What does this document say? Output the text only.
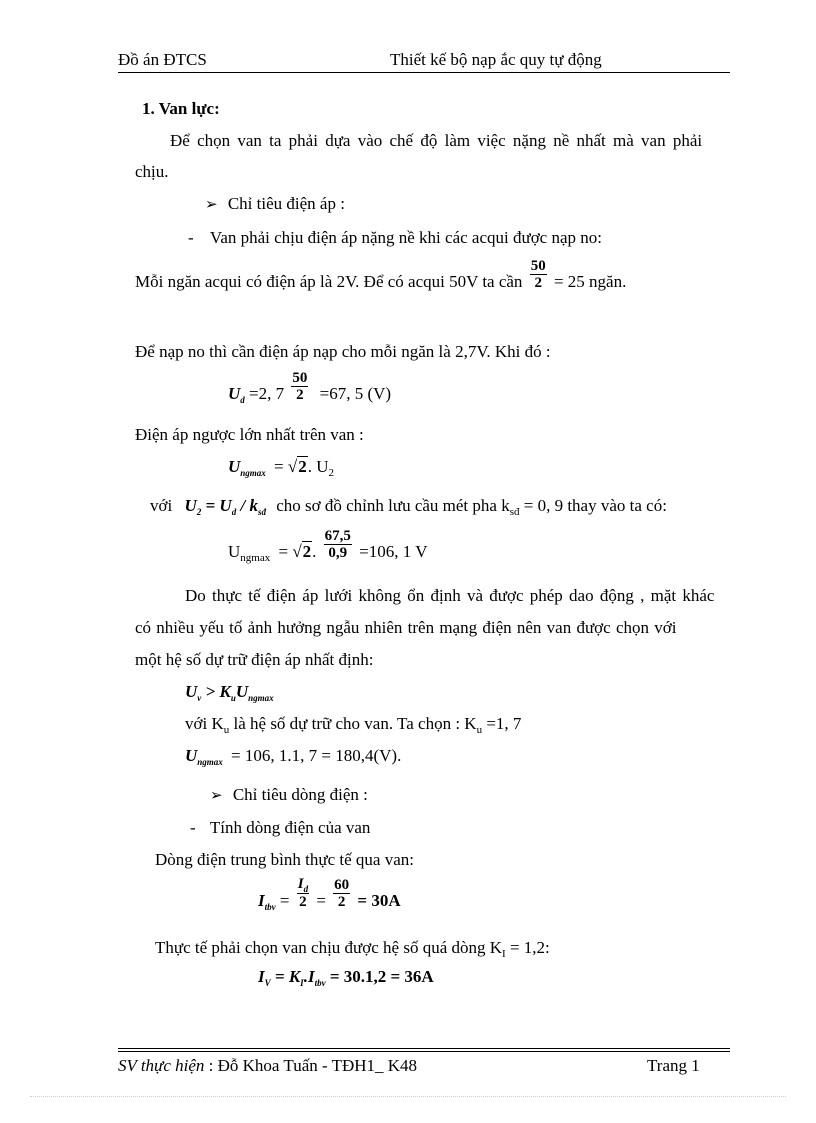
Đồ án ĐTCS	Thiết kế bộ nạp ắc quy tự động
1. Van lực:
Để chọn van ta phải dựa vào chế độ làm việc nặng nề nhất mà van phải
chịu.
➢ Chỉ tiêu điện áp :
- Van phải chịu điện áp nặng nề khi các acqui được nạp no:
Mỗi ngăn acqui có điện áp là 2V. Để có acqui 50V ta cần $\frac{50}{2} = 25$ ngăn.
Để nạp no thì cần điện áp nạp cho mỗi ngăn là 2,7V. Khi đó :
$U_d =2$, $7 \frac{50}{2} =67$, 5 (V)
Điện áp ngược lớn nhất trên van :
$U_{ngmax} = √2$. $U_2$
với $U_2 = U_d / k_{sđ}$ cho sơ đồ chỉnh lưu cầu mét pha $k_{sđ} = 0$, 9 thay vào ta có:
$U_{ngmax} = √2$. $\frac{67,5}{0,9} =106$, 1 V
Do thực tế điện áp lưới không ổn định và được phép dao động , mặt khác
có nhiều yếu tố ảnh hưởng ngẫu nhiên trên mạng điện nên van được chọn với
một hệ số dự trữ điện áp nhất định:
$U_v > K_uU_{ngmax}$
với $K_u$ là hệ số dự trữ cho van. Ta chọn : $K_u =1$, 7
$U_{ngmax} = 106$, 1.1, 7 = 180,4(V).
➢ Chỉ tiêu dòng điện :
- Tính dòng điện của van
Dòng điện trung bình thực tế qua van:
$I_{tbv} = \frac{I_d}{2} = \frac{60}{2} = 30A$
Thực tế phải chọn van chịu được hệ số quá dòng $K_I = 1,2$:
$I_V = K_I.I_{tbv} = 30.1,2 = 36A$
SV thực hiện : Đỗ Khoa Tuấn - TĐH1_ K48	Trang 1
